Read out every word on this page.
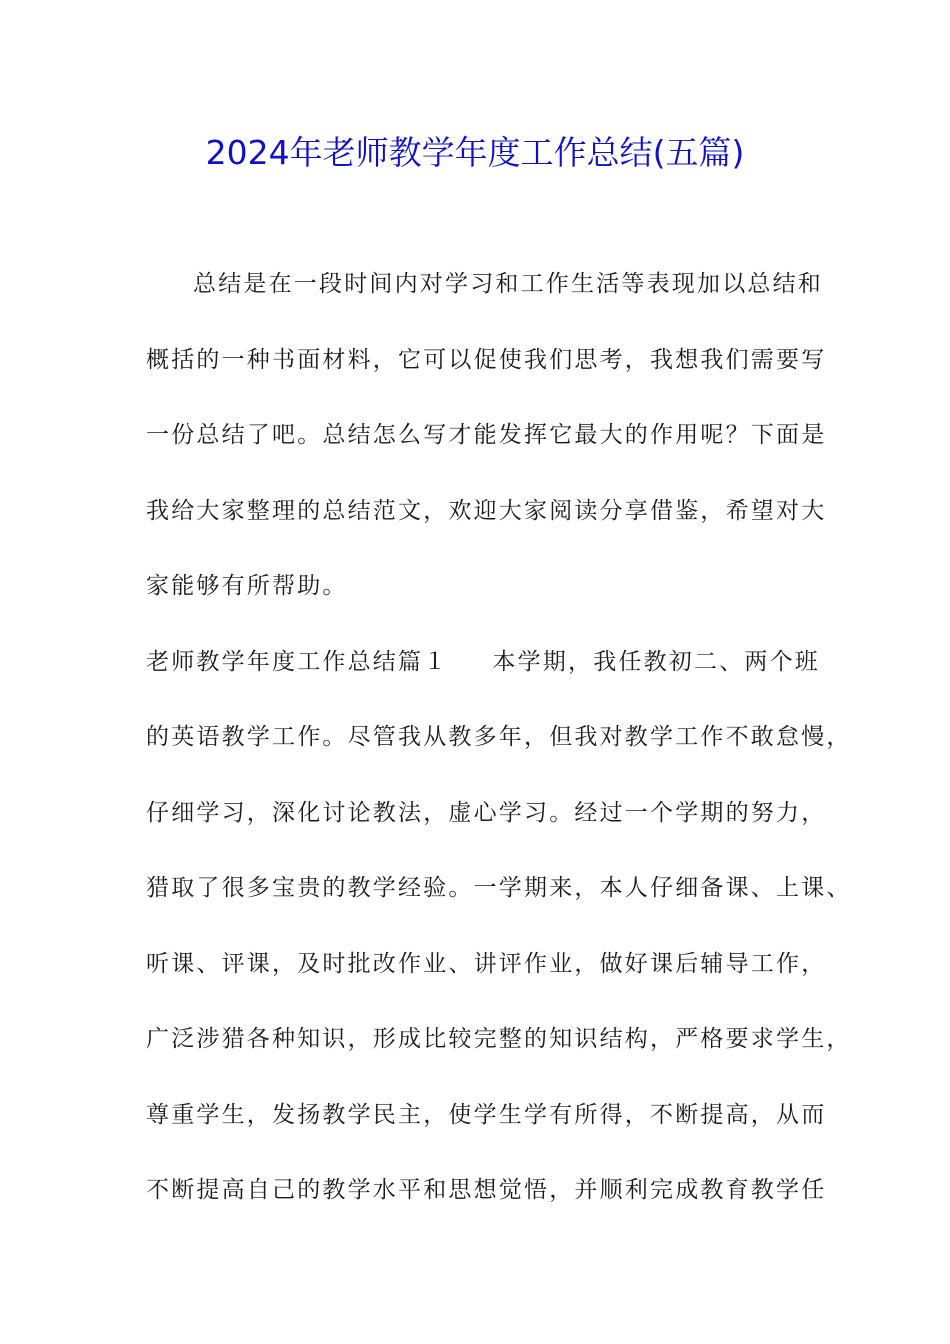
2024年老师教学年度工作总结(五篇)

总结是在一段时间内对学习和工作生活等表现加以总结和

概括的一种书面材料，它可以促使我们思考，我想我们需要写

一份总结了吧。总结怎么写才能发挥它最大的作用呢？下面是

我给大家整理的总结范文，欢迎大家阅读分享借鉴，希望对大

家能够有所帮助。

老师教学年度工作总结篇１ 本学期，我任教初二、两个班

的英语教学工作。尽管我从教多年，但我对教学工作不敢怠慢，

仔细学习，深化讨论教法，虚心学习。经过一个学期的努力，

猎取了很多宝贵的教学经验。一学期来，本人仔细备课、上课、

听课、评课，及时批改作业、讲评作业，做好课后辅导工作，

广泛涉猎各种知识，形成比较完整的知识结构，严格要求学生，

尊重学生，发扬教学民主，使学生学有所得，不断提高，从而

不断提高自己的教学水平和思想觉悟，并顺利完成教育教学任
